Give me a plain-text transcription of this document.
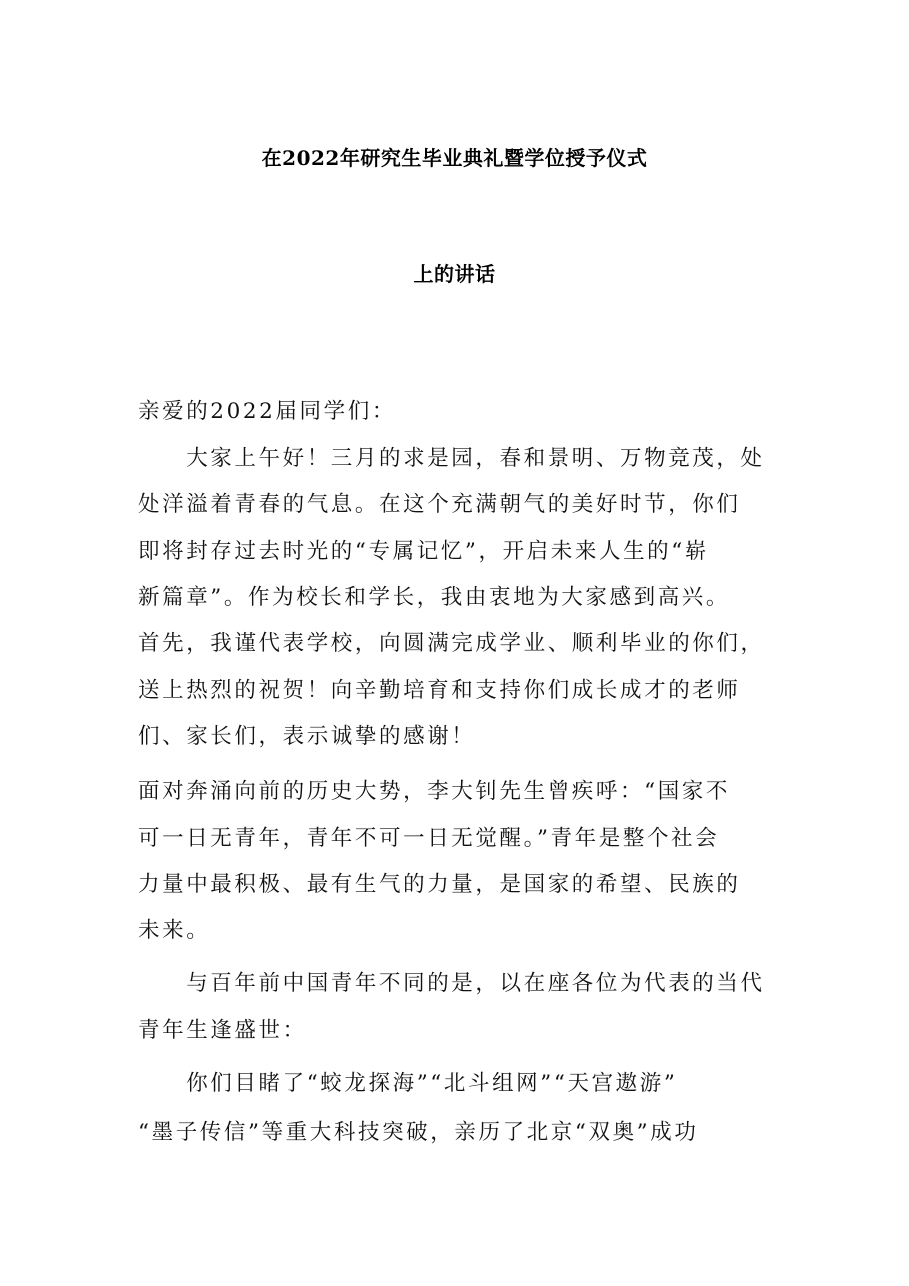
在2022年研究生毕业典礼暨学位授予仪式
上的讲话
亲爱的2022届同学们：
　　大家上午好！三月的求是园，春和景明、万物竞茂，处
处洋溢着青春的气息。在这个充满朝气的美好时节，你们
即将封存过去时光的“专属记忆”，开启未来人生的“崭
新篇章”。作为校长和学长，我由衷地为大家感到高兴。
首先，我谨代表学校，向圆满完成学业、顺利毕业的你们，
送上热烈的祝贺！向辛勤培育和支持你们成长成才的老师
们、家长们，表示诚挚的感谢！
面对奔涌向前的历史大势，李大钊先生曾疾呼：“国家不
可一日无青年，青年不可一日无觉醒。”青年是整个社会
力量中最积极、最有生气的力量，是国家的希望、民族的
未来。
　　与百年前中国青年不同的是，以在座各位为代表的当代
青年生逢盛世：
　　你们目睹了“蛟龙探海”“北斗组网”“天宫遨游”
“墨子传信”等重大科技突破，亲历了北京“双奥”成功
